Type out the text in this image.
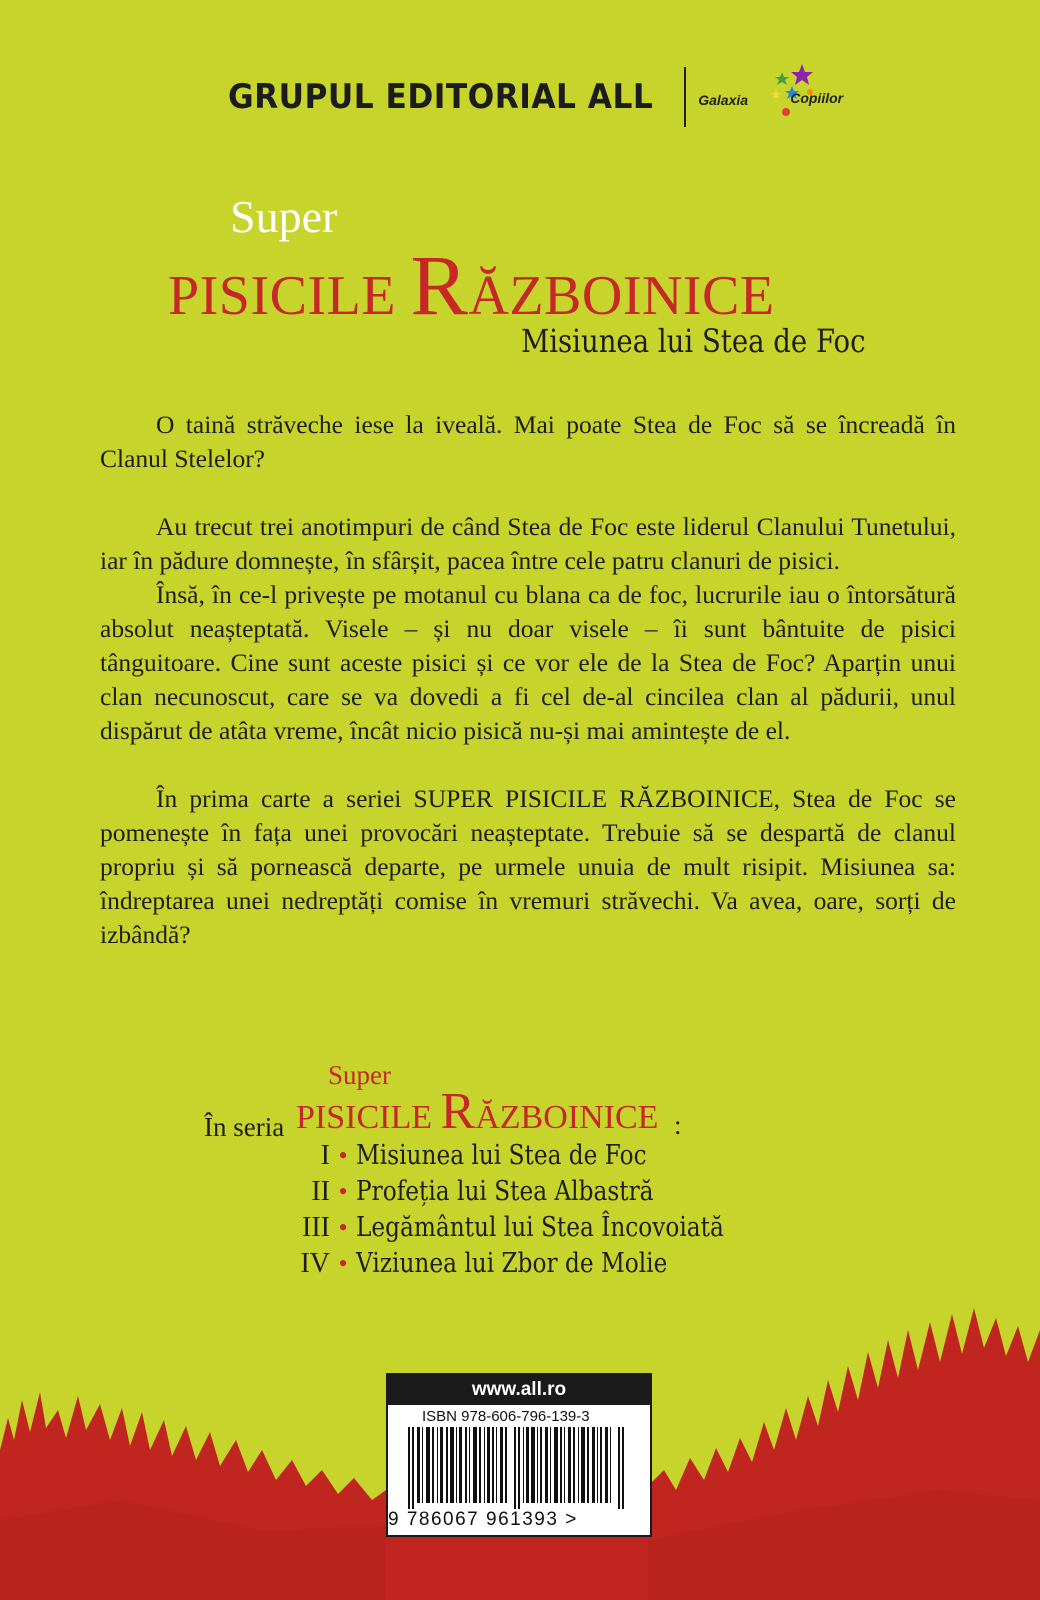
GRUPUL EDITORIAL ALL	Galaxia	Copiilor
Super
PISICILE RĂZBOINICE
Misiunea lui Stea de Foc

O taină străveche iese la iveală. Mai poate Stea de Foc să se încreadă în Clanul Stelelor?

Au trecut trei anotimpuri de când Stea de Foc este liderul Clanului Tunetului, iar în pădure domnește, în sfârșit, pacea între cele patru clanuri de pisici.

Însă, în ce-l privește pe motanul cu blana ca de foc, lucrurile iau o întorsătură absolut neașteptată. Visele – și nu doar visele – îi sunt bântuite de pisici tânguitoare. Cine sunt aceste pisici și ce vor ele de la Stea de Foc? Aparțin unui clan necunoscut, care se va dovedi a fi cel de-al cincilea clan al pădurii, unul dispărut de atâta vreme, încât nicio pisică nu-și mai amintește de el.

În prima carte a seriei SUPER PISICILE RĂZBOINICE, Stea de Foc se pomenește în fața unei provocări neașteptate. Trebuie să se despartă de clanul propriu și să pornească departe, pe urmele unuia de mult risipit. Misiunea sa: îndreptarea unei nedreptăți comise în vremuri străvechi. Va avea, oare, sorți de izbândă?

În seria
Super
PISICILE RĂZBOINICE :
I • Misiunea lui Stea de Foc
II • Profeția lui Stea Albastră
III • Legământul lui Stea Încovoiată
IV • Viziunea lui Zbor de Molie
www.all.ro
ISBN 978-606-796-139-3
9 786067 961393 >
